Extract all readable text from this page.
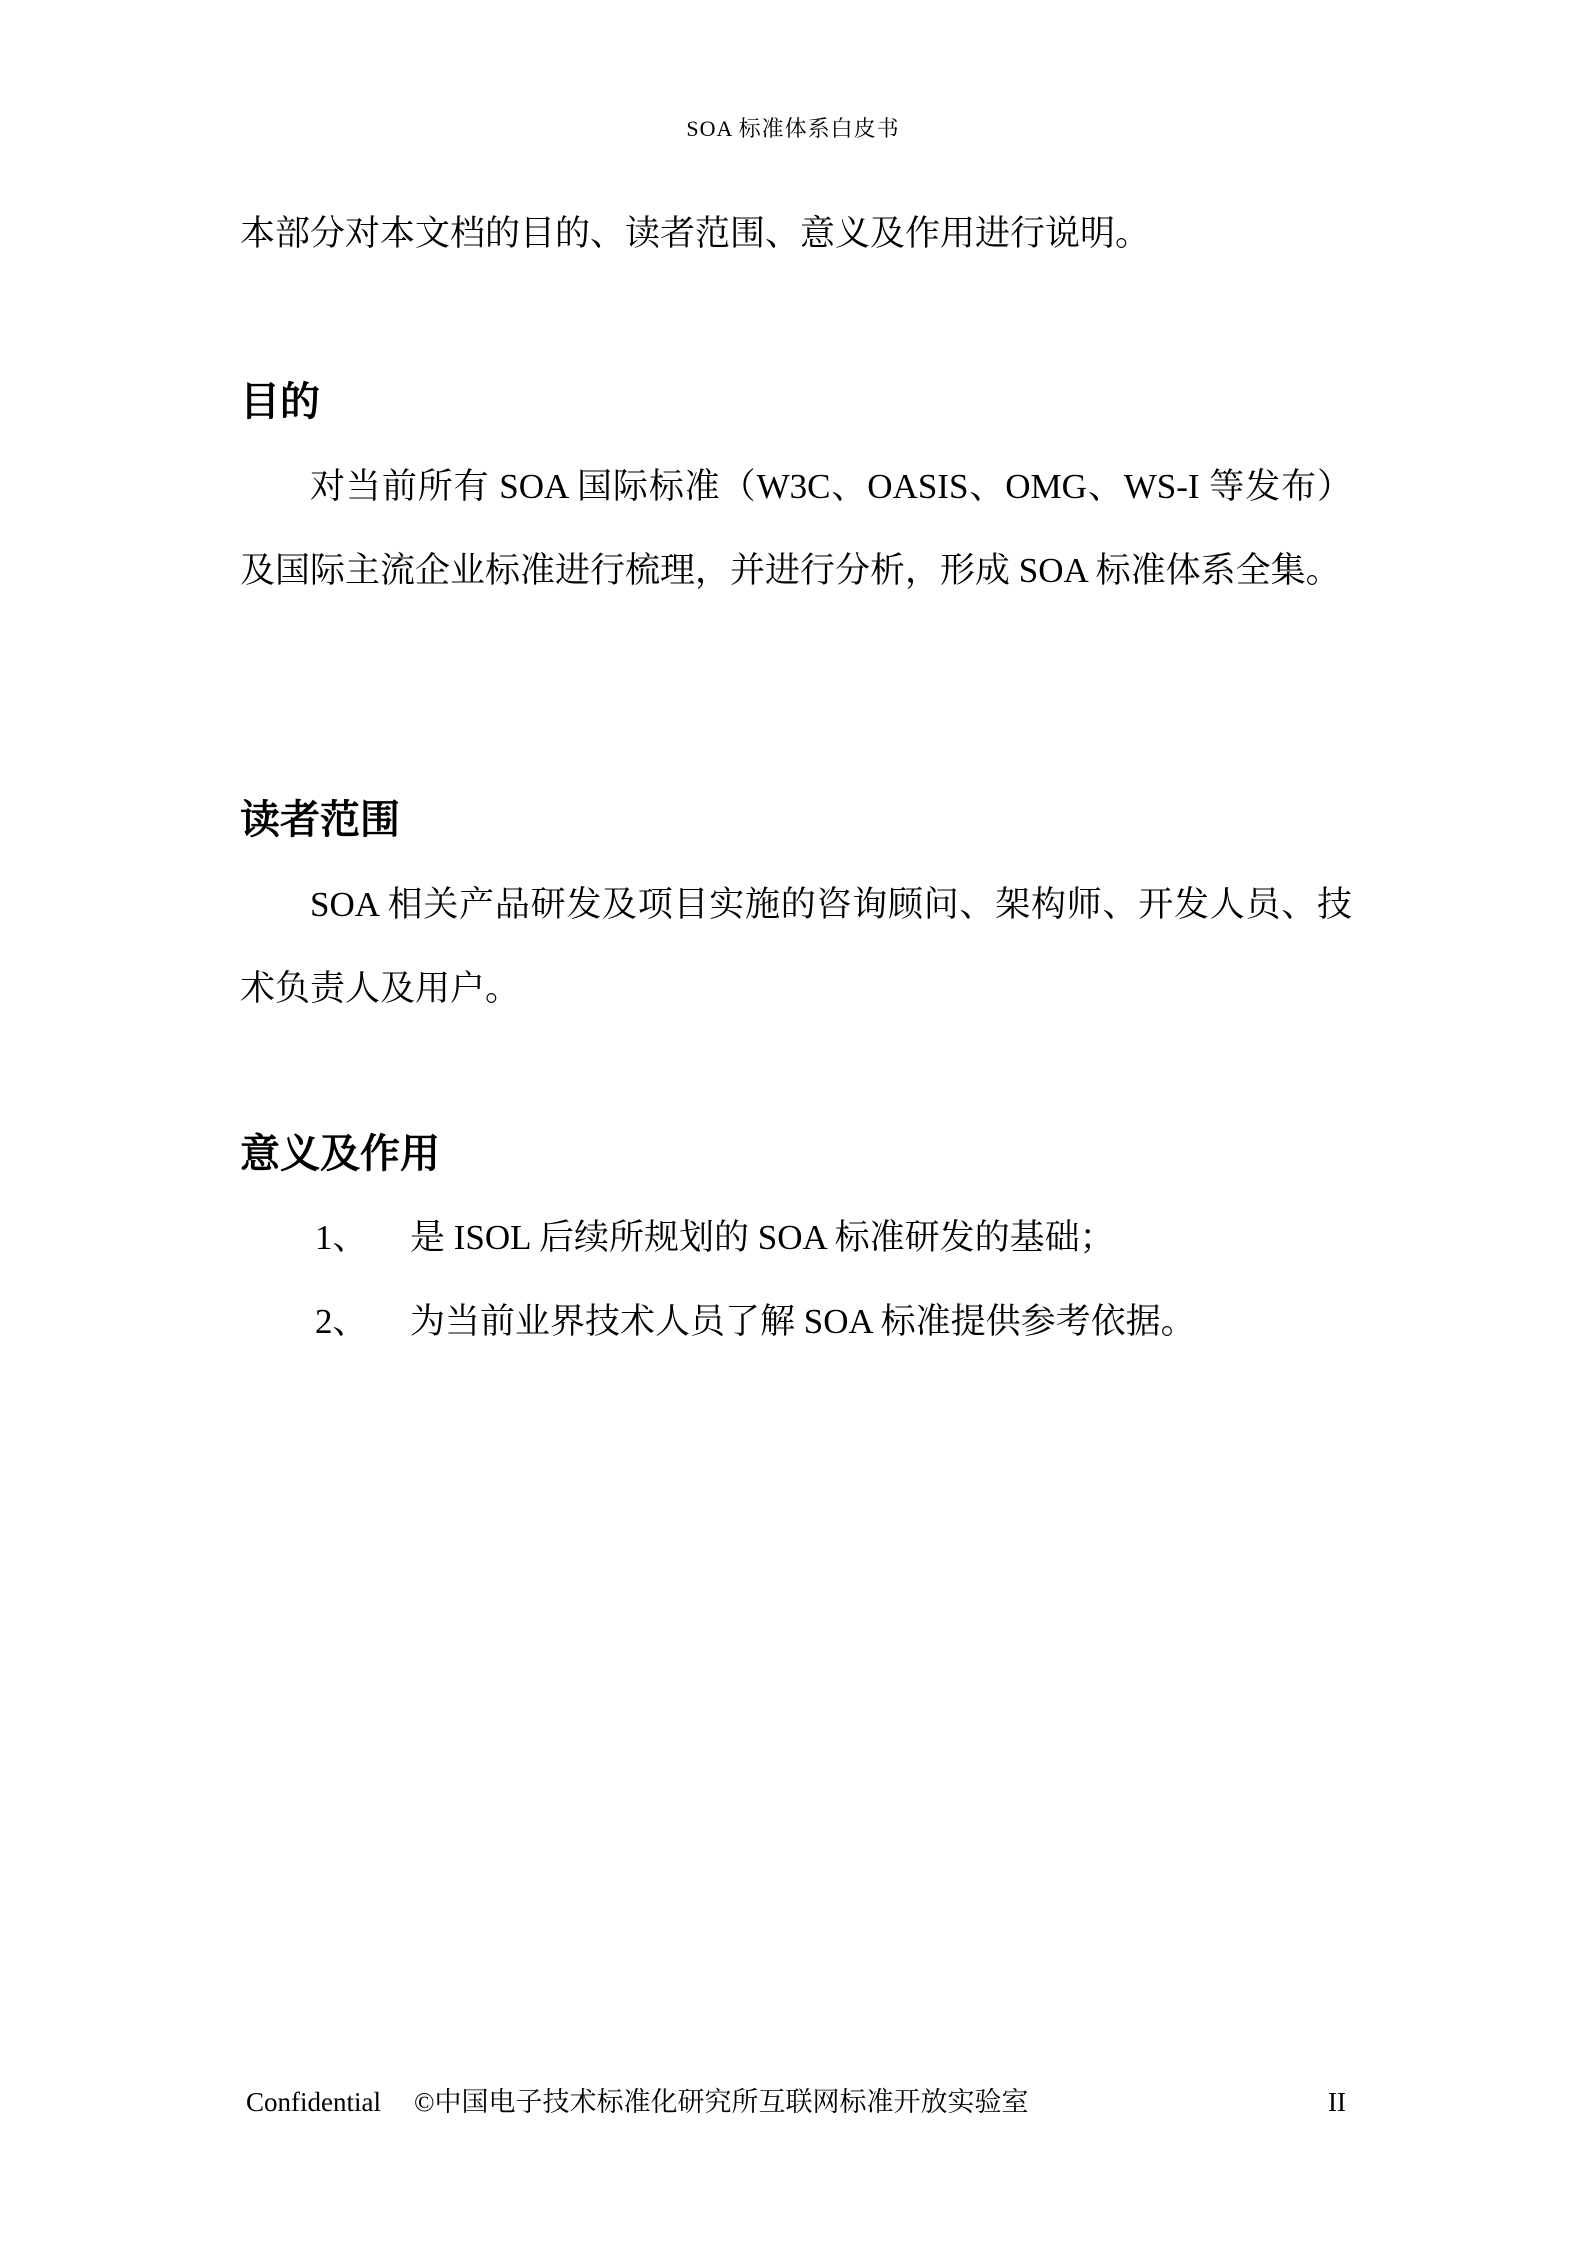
SOA 标准体系白皮书
本部分对本文档的目的、读者范围、意义及作用进行说明。
目的
对当前所有 SOA 国际标准（W3C、OASIS、OMG、WS-I 等发布）及国际主流企业标准进行梳理，并进行分析，形成 SOA 标准体系全集。
读者范围
SOA 相关产品研发及项目实施的咨询顾问、架构师、开发人员、技术负责人及用户。
意义及作用
1、 是 ISOL 后续所规划的 SOA 标准研发的基础；
2、 为当前业界技术人员了解 SOA 标准提供参考依据。
Confidential ©中国电子技术标准化研究所互联网标准开放实验室	II
